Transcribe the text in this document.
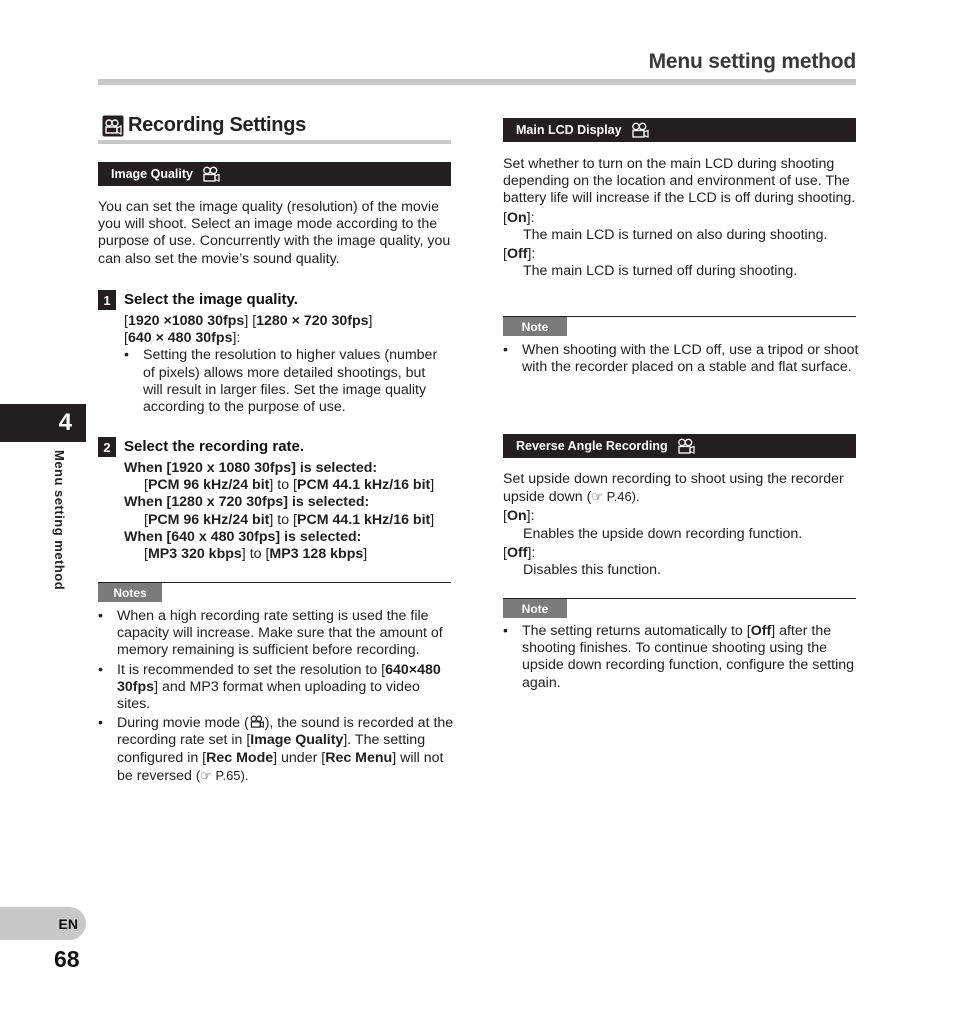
Menu setting method
Recording Settings
Image Quality
You can set the image quality (resolution) of the movie you will shoot. Select an image mode according to the purpose of use. Concurrently with the image quality, you can also set the movie’s sound quality.
1 Select the image quality.

[1920 ×1080 30fps] [1280 × 720 30fps]

[640 × 480 30fps]:

• Setting the resolution to higher values (number of pixels) allows more detailed shootings, but will result in larger files. Set the image quality according to the purpose of use.
2 Select the recording rate.

When [1920 x 1080 30fps] is selected:

[PCM 96 kHz/24 bit] to [PCM 44.1 kHz/16 bit]

When [1280 x 720 30fps] is selected:

[PCM 96 kHz/24 bit] to [PCM 44.1 kHz/16 bit]

When [640 x 480 30fps] is selected:

[MP3 320 kbps] to [MP3 128 kbps]

Notes
• When a high recording rate setting is used the file capacity will increase. Make sure that the amount of memory remaining is sufficient before recording.
• It is recommended to set the resolution to [640×480 30fps] and MP3 format when uploading to video sites.
• During movie mode ( ), the sound is recorded at the recording rate set in [Image Quality]. The setting configured in [Rec Mode] under [Rec Menu] will not be reversed (☞ P.65).
Main LCD Display

Set whether to turn on the main LCD during shooting depending on the location and environment of use. The battery life will increase if the LCD is off during shooting.

[On]:

The main LCD is turned on also during shooting.

[Off]:

The main LCD is turned off during shooting.

Note
• When shooting with the LCD off, use a tripod or shoot with the recorder placed on a stable and flat surface.
Reverse Angle Recording

Set upside down recording to shoot using the recorder upside down (☞ P.46).

[On]:

Enables the upside down recording function.

[Off]:

Disables this function.

Note
• The setting returns automatically to [Off] after the shooting finishes. To continue shooting using the upside down recording function, configure the setting again.
4
Menu setting method
EN
68
